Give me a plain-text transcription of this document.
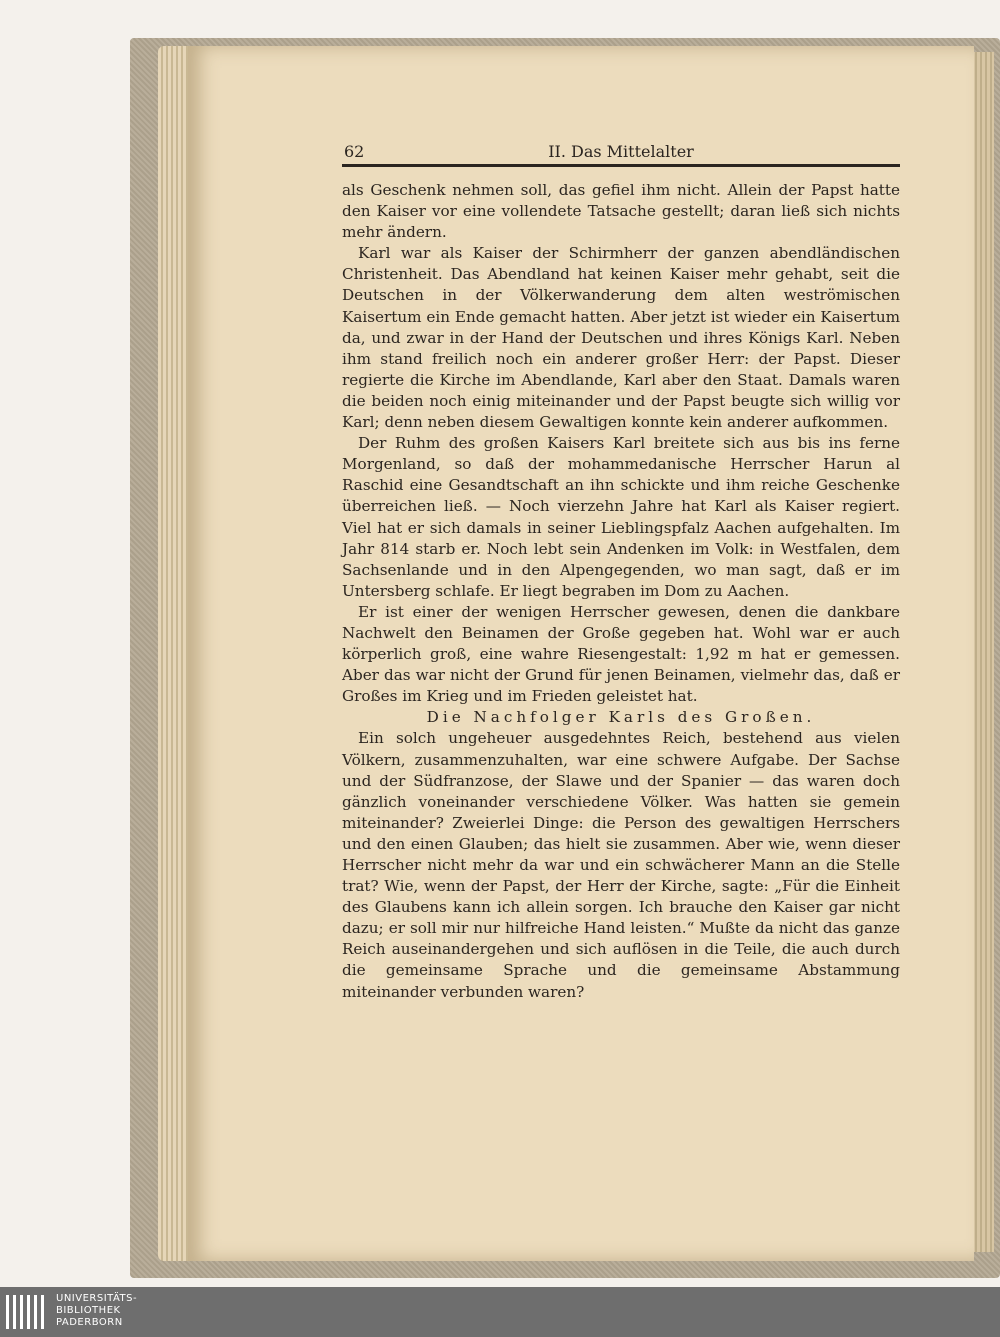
62	II. Das Mittelalter

als Geschenk nehmen soll, das gefiel ihm nicht. Allein der Papst hatte den Kaiser vor eine vollendete Tatsache gestellt; daran ließ sich nichts mehr ändern.

Karl war als Kaiser der Schirmherr der ganzen abendländischen Christenheit. Das Abendland hat keinen Kaiser mehr gehabt, seit die Deutschen in der Völkerwanderung dem alten weströmischen Kaisertum ein Ende gemacht hatten. Aber jetzt ist wieder ein Kaisertum da, und zwar in der Hand der Deutschen und ihres Königs Karl. Neben ihm stand freilich noch ein anderer großer Herr: der Papst. Dieser regierte die Kirche im Abendlande, Karl aber den Staat. Damals waren die beiden noch einig miteinander und der Papst beugte sich willig vor Karl; denn neben diesem Gewaltigen konnte kein anderer aufkommen.

Der Ruhm des großen Kaisers Karl breitete sich aus bis ins ferne Morgenland, so daß der mohammedanische Herrscher Harun al Raschid eine Gesandtschaft an ihn schickte und ihm reiche Geschenke überreichen ließ. — Noch vierzehn Jahre hat Karl als Kaiser regiert. Viel hat er sich damals in seiner Lieblingspfalz Aachen aufgehalten. Im Jahr 814 starb er. Noch lebt sein Andenken im Volk: in Westfalen, dem Sachsenlande und in den Alpengegenden, wo man sagt, daß er im Untersberg schlafe. Er liegt begraben im Dom zu Aachen.

Er ist einer der wenigen Herrscher gewesen, denen die dankbare Nachwelt den Beinamen der Große gegeben hat. Wohl war er auch körperlich groß, eine wahre Riesengestalt: 1,92 m hat er gemessen. Aber das war nicht der Grund für jenen Beinamen, vielmehr das, daß er Großes im Krieg und im Frieden geleistet hat.

Die Nachfolger Karls des Großen.

Ein solch ungeheuer ausgedehntes Reich, bestehend aus vielen Völkern, zusammenzuhalten, war eine schwere Aufgabe. Der Sachse und der Südfranzose, der Slawe und der Spanier — das waren doch gänzlich voneinander verschiedene Völker. Was hatten sie gemein miteinander? Zweierlei Dinge: die Person des gewaltigen Herrschers und den einen Glauben; das hielt sie zusammen. Aber wie, wenn dieser Herrscher nicht mehr da war und ein schwächerer Mann an die Stelle trat? Wie, wenn der Papst, der Herr der Kirche, sagte: „Für die Einheit des Glaubens kann ich allein sorgen. Ich brauche den Kaiser gar nicht dazu; er soll mir nur hilfreiche Hand leisten.“ Mußte da nicht das ganze Reich auseinandergehen und sich auflösen in die Teile, die auch durch die gemeinsame Sprache und die gemeinsame Abstammung miteinander verbunden waren?

UNIVERSITÄTS-
BIBLIOTHEK
PADERBORN
